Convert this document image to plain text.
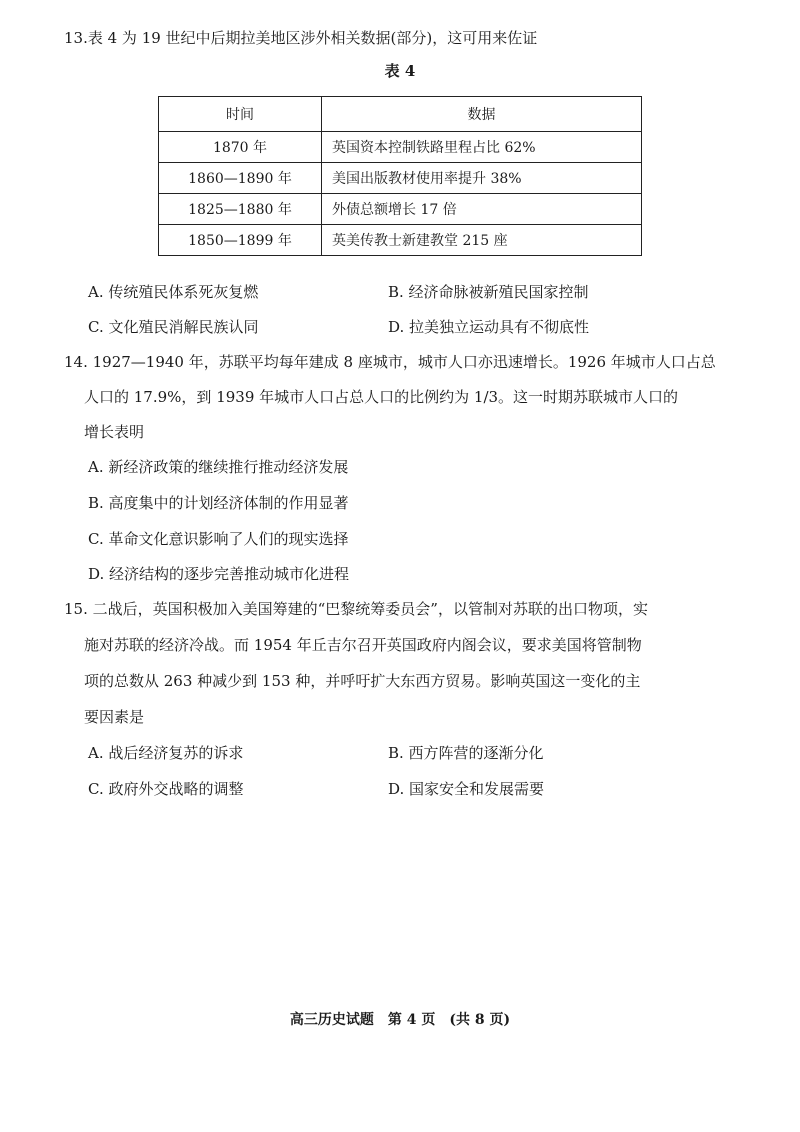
13.表 4 为 19 世纪中后期拉美地区涉外相关数据(部分)，这可用来佐证
表 4
时间	数据
1870 年	英国资本控制铁路里程占比 62%
1860—1890 年	美国出版教材使用率提升 38%
1825—1880 年	外债总额增长 17 倍
1850—1899 年	英美传教士新建教堂 215 座
A. 传统殖民体系死灰复燃	B. 经济命脉被新殖民国家控制
C. 文化殖民消解民族认同	D. 拉美独立运动具有不彻底性
14. 1927—1940 年，苏联平均每年建成 8 座城市，城市人口亦迅速增长。1926 年城市人口占总
人口的 17.9%，到 1939 年城市人口占总人口的比例约为 1/3。这一时期苏联城市人口的
增长表明
A. 新经济政策的继续推行推动经济发展
B. 高度集中的计划经济体制的作用显著
C. 革命文化意识影响了人们的现实选择
D. 经济结构的逐步完善推动城市化进程
15. 二战后，英国积极加入美国筹建的“巴黎统筹委员会”，以管制对苏联的出口物项，实
施对苏联的经济冷战。而 1954 年丘吉尔召开英国政府内阁会议，要求美国将管制物
项的总数从 263 种减少到 153 种，并呼吁扩大东西方贸易。影响英国这一变化的主
要因素是
A. 战后经济复苏的诉求	B. 西方阵营的逐渐分化
C. 政府外交战略的调整	D. 国家安全和发展需要
高三历史试题　第 4 页　(共 8 页)
